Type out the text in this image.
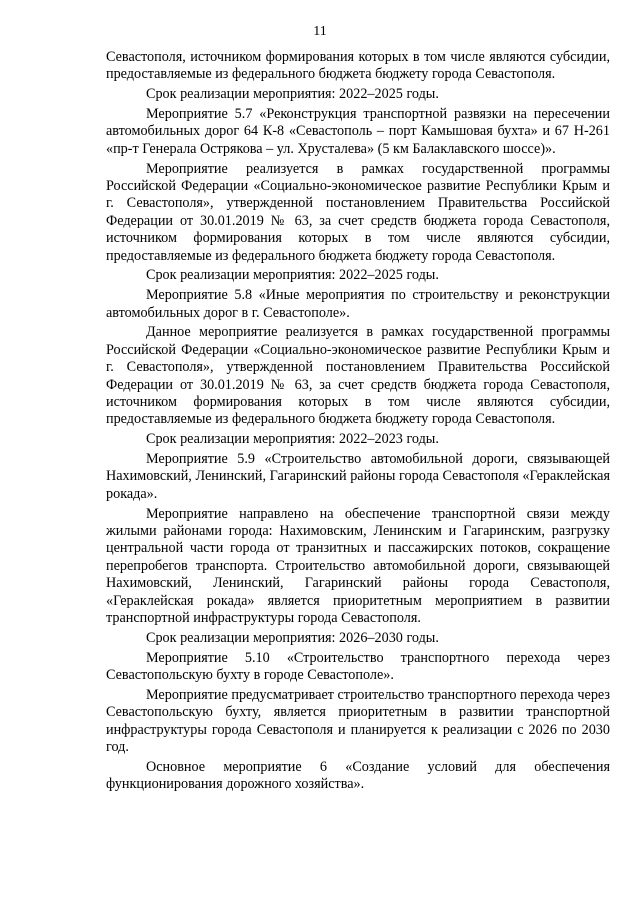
11

Севастополя, источником формирования которых в том числе являются субсидии, предоставляемые из федерального бюджета бюджету города Севастополя.

Срок реализации мероприятия: 2022–2025 годы.

Мероприятие 5.7 «Реконструкция транспортной развязки на пересечении автомобильных дорог 64 К-8 «Севастополь – порт Камышовая бухта» и 67 Н-261 «пр-т Генерала Острякова – ул. Хрусталева» (5 км Балаклавского шоссе)».

Мероприятие реализуется в рамках государственной программы Российской Федерации «Социально-экономическое развитие Республики Крым и г. Севастополя», утвержденной постановлением Правительства Российской Федерации от 30.01.2019 № 63, за счет средств бюджета города Севастополя, источником формирования которых в том числе являются субсидии, предоставляемые из федерального бюджета бюджету города Севастополя.

Срок реализации мероприятия: 2022–2025 годы.

Мероприятие 5.8 «Иные мероприятия по строительству и реконструкции автомобильных дорог в г. Севастополе».

Данное мероприятие реализуется в рамках государственной программы Российской Федерации «Социально-экономическое развитие Республики Крым и г. Севастополя», утвержденной постановлением Правительства Российской Федерации от 30.01.2019 № 63, за счет средств бюджета города Севастополя, источником формирования которых в том числе являются субсидии, предоставляемые из федерального бюджета бюджету города Севастополя.

Срок реализации мероприятия: 2022–2023 годы.

Мероприятие 5.9 «Строительство автомобильной дороги, связывающей Нахимовский, Ленинский, Гагаринский районы города Севастополя «Гераклейская рокада».

Мероприятие направлено на обеспечение транспортной связи между жилыми районами города: Нахимовским, Ленинским и Гагаринским, разгрузку центральной части города от транзитных и пассажирских потоков, сокращение перепробегов транспорта. Строительство автомобильной дороги, связывающей Нахимовский, Ленинский, Гагаринский районы города Севастополя, «Гераклейская рокада» является приоритетным мероприятием в развитии транспортной инфраструктуры города Севастополя.

Срок реализации мероприятия: 2026–2030 годы.

Мероприятие 5.10 «Строительство транспортного перехода через Севастопольскую бухту в городе Севастополе».

Мероприятие предусматривает строительство транспортного перехода через Севастопольскую бухту, является приоритетным в развитии транспортной инфраструктуры города Севастополя и планируется к реализации с 2026 по 2030 год.

Основное мероприятие 6 «Создание условий для обеспечения функционирования дорожного хозяйства».
